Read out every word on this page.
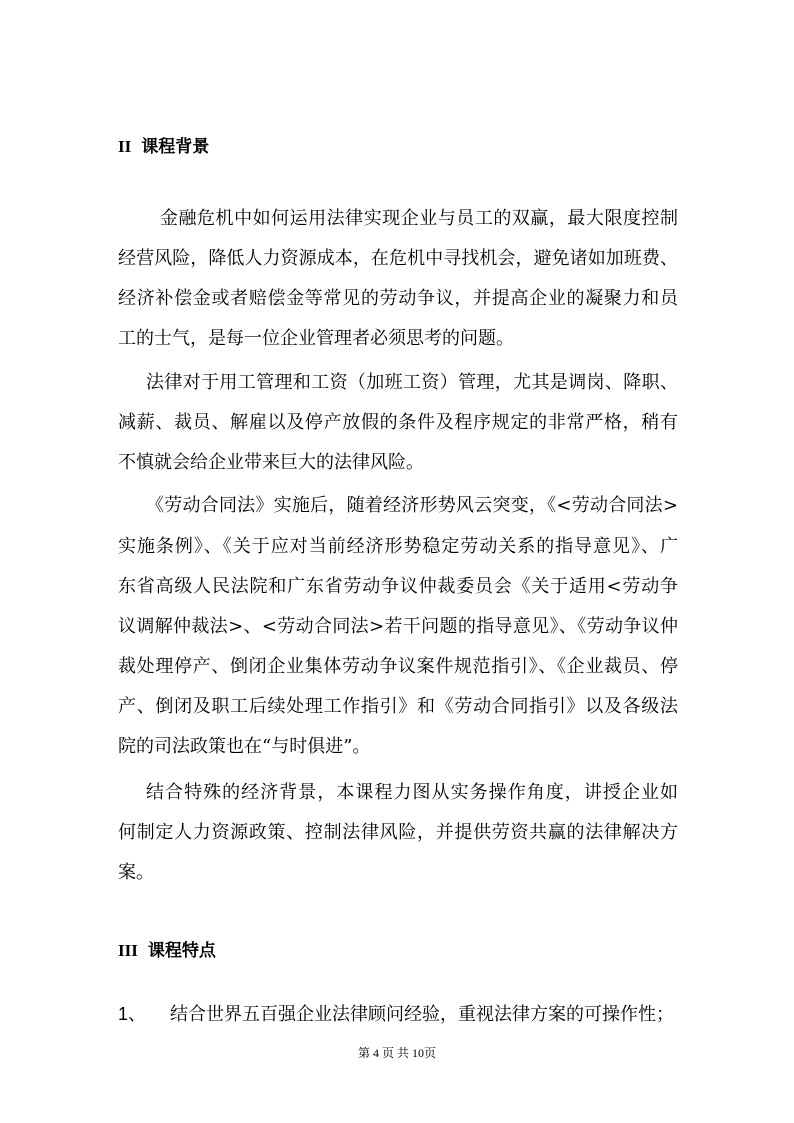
II 课程背景
金融危机中如何运用法律实现企业与员工的双赢，最大限度控制
经营风险，降低人力资源成本，在危机中寻找机会，避免诸如加班费、
经济补偿金或者赔偿金等常见的劳动争议，并提高企业的凝聚力和员
工的士气，是每一位企业管理者必须思考的问题。
法律对于用工管理和工资（加班工资）管理，尤其是调岗、降职、
减薪、裁员、解雇以及停产放假的条件及程序规定的非常严格，稍有
不慎就会给企业带来巨大的法律风险。
《劳动合同法》实施后，随着经济形势风云突变，《<劳动合同法>
实施条例》、《关于应对当前经济形势稳定劳动关系的指导意见》、广
东省高级人民法院和广东省劳动争议仲裁委员会《关于适用<劳动争
议调解仲裁法>、<劳动合同法>若干问题的指导意见》、《劳动争议仲
裁处理停产、倒闭企业集体劳动争议案件规范指引》、《企业裁员、停
产、倒闭及职工后续处理工作指引》和《劳动合同指引》以及各级法
院的司法政策也在“与时俱进”。
结合特殊的经济背景，本课程力图从实务操作角度，讲授企业如
何制定人力资源政策、控制法律风险，并提供劳资共赢的法律解决方
案。
III 课程特点
1、 结合世界五百强企业法律顾问经验，重视法律方案的可操作性；
第 4 页 共 10页
